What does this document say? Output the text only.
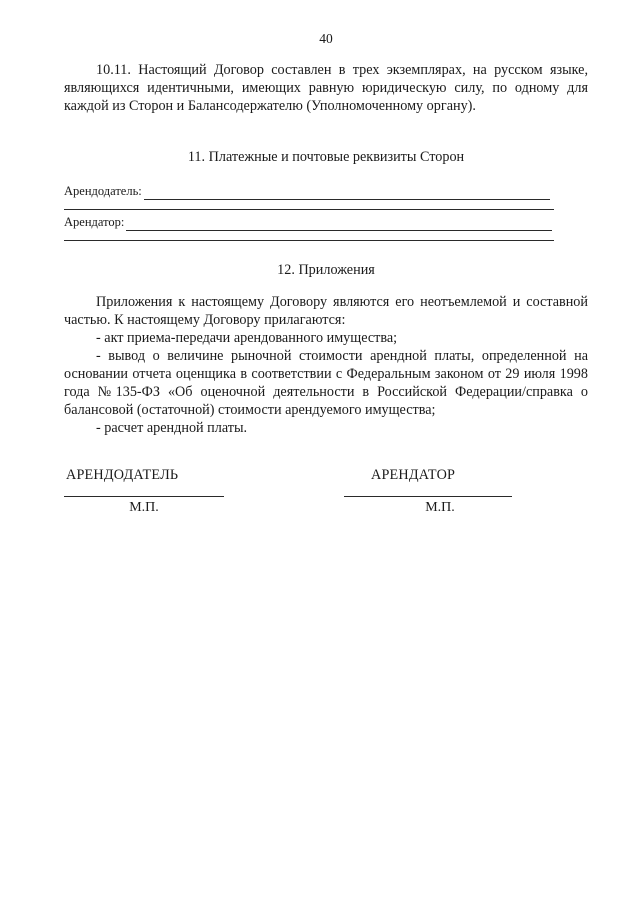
40

10.11. Настоящий Договор составлен в трех экземплярах, на русском языке, являющихся идентичными, имеющих равную юридическую силу, по одному для каждой из Сторон и Балансодержателю (Уполномоченному органу).

11. Платежные и почтовые реквизиты Сторон
Арендодатель:
Арендатор:
12. Приложения

Приложения к настоящему Договору являются его неотъемлемой и составной частью. К настоящему Договору прилагаются:

- акт приема-передачи арендованного имущества;
- вывод о величине рыночной стоимости арендной платы, определенной на основании отчета оценщика в соответствии с Федеральным законом от 29 июля 1998 года №135-ФЗ «Об оценочной деятельности в Российской Федерации/справка о балансовой (остаточной) стоимости арендуемого имущества;
- расчет арендной платы.
АРЕНДОДАТЕЛЬ
М.П.
АРЕНДАТОР
М.П.
